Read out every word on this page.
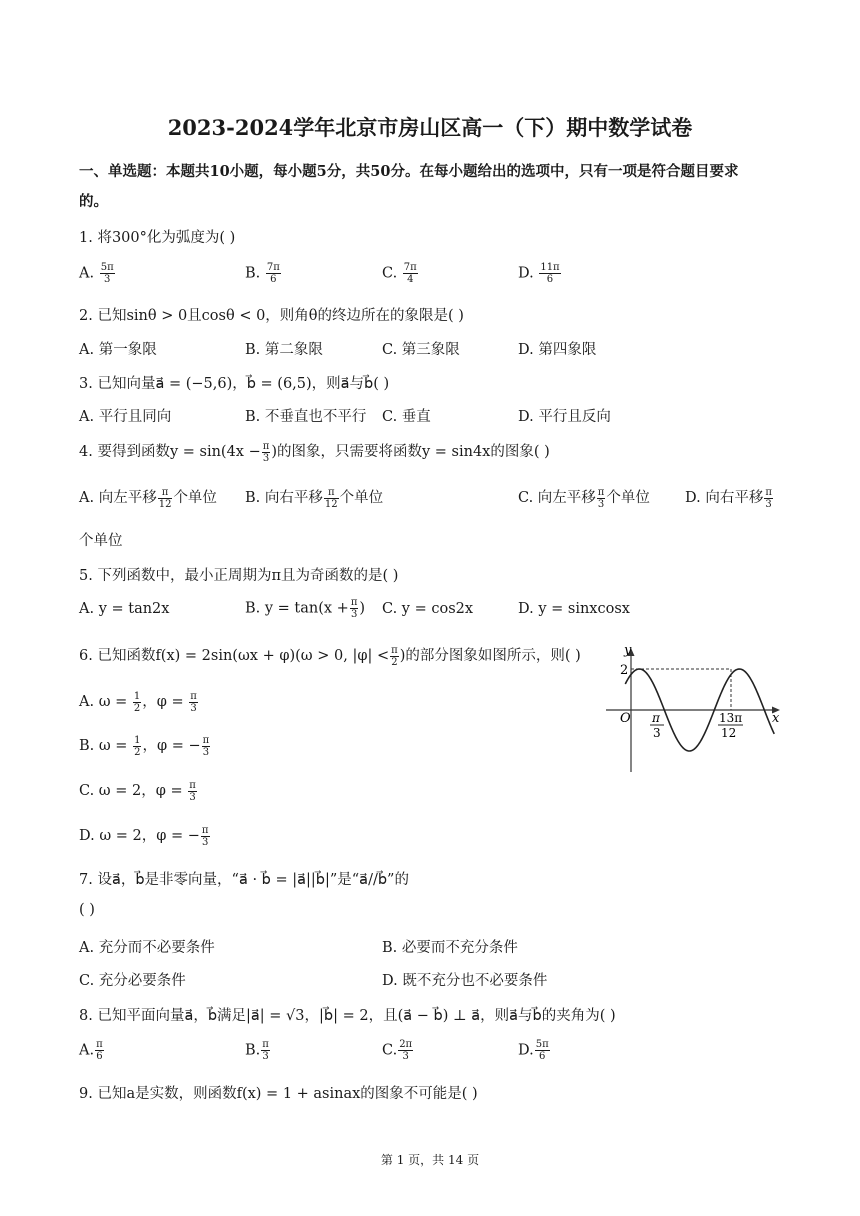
2023-2024学年北京市房山区高一（下）期中数学试卷
一、单选题：本题共10小题，每小题5分，共50分。在每小题给出的选项中，只有一项是符合题目要求
的。
1. 将300°化为弧度为( )
A. $\frac{5\pi}{3}$	B. $\frac{7\pi}{6}$	C. $\frac{7\pi}{4}$	D. $\frac{11\pi}{6}$
2. 已知sinθ > 0且cosθ < 0，则角θ的终边所在的象限是( )
A. 第一象限	B. 第二象限	C. 第三象限	D. 第四象限
3. 已知向量a⃗ = (−5,6)，b⃗ = (6,5)，则a⃗与b⃗( )
A. 平行且同向	B. 不垂直也不平行 C. 垂直	D. 平行且反向
4. 要得到函数$y = \sin(4x - \frac{\pi}{3}$ )的图象，只需要将函数y = sin4x的图象( )
A. 向左平移 $\frac{\pi}{12}$ 个单位 B. 向右平移 $\frac{\pi}{12}$ 个单位	C. 向左平移 $\frac{\pi}{3}$ 个单位 D. 向右平移 $\frac{\pi}{3}$
个单位
5. 下列函数中，最小正周期为π且为奇函数的是( )
A. y = tan2x	B. $y = \tan(x + \frac{\pi}{3}$ ) C. y = cos2x	D. y = sinxcosx
6. 已知函数f(x) = 2sin(ωx + φ)(ω > 0, $|\varphi| < \frac{\pi}{2}$ )的部分图象如图所示，则( )
A. $\omega = \frac{1}{2}$ ，$\varphi = \frac{\pi}{3}$
B. $\omega = \frac{1}{2}$ ，φ = − $\frac{\pi}{3}$
C. ω = 2，$\varphi = \frac{\pi}{3}$
D. ω = 2，φ = − $\frac{\pi}{3}$
y
x
O
2
π
3
13π
12
7. 设a⃗，b⃗是非零向量，“a⃗ · b⃗ = |a⃗||b⃗|”是“a⃗//b⃗”的
( )
A. 充分而不必要条件	B. 必要而不充分条件
C. 充分必要条件	D. 既不充分也不必要条件
8. 已知平面向量a⃗，b⃗满足|a⃗| = √3，|b⃗| = 2，且(a⃗ − b⃗) ⊥ a⃗，则a⃗与b⃗的夹角为( )
A. $\frac{\pi}{6}$	B. $\frac{\pi}{3}$	C. $\frac{2\pi}{3}$	D. $\frac{5\pi}{6}$
9. 已知a是实数，则函数f(x) = 1 + asinax的图象不可能是( )
第 1 页，共 14 页
